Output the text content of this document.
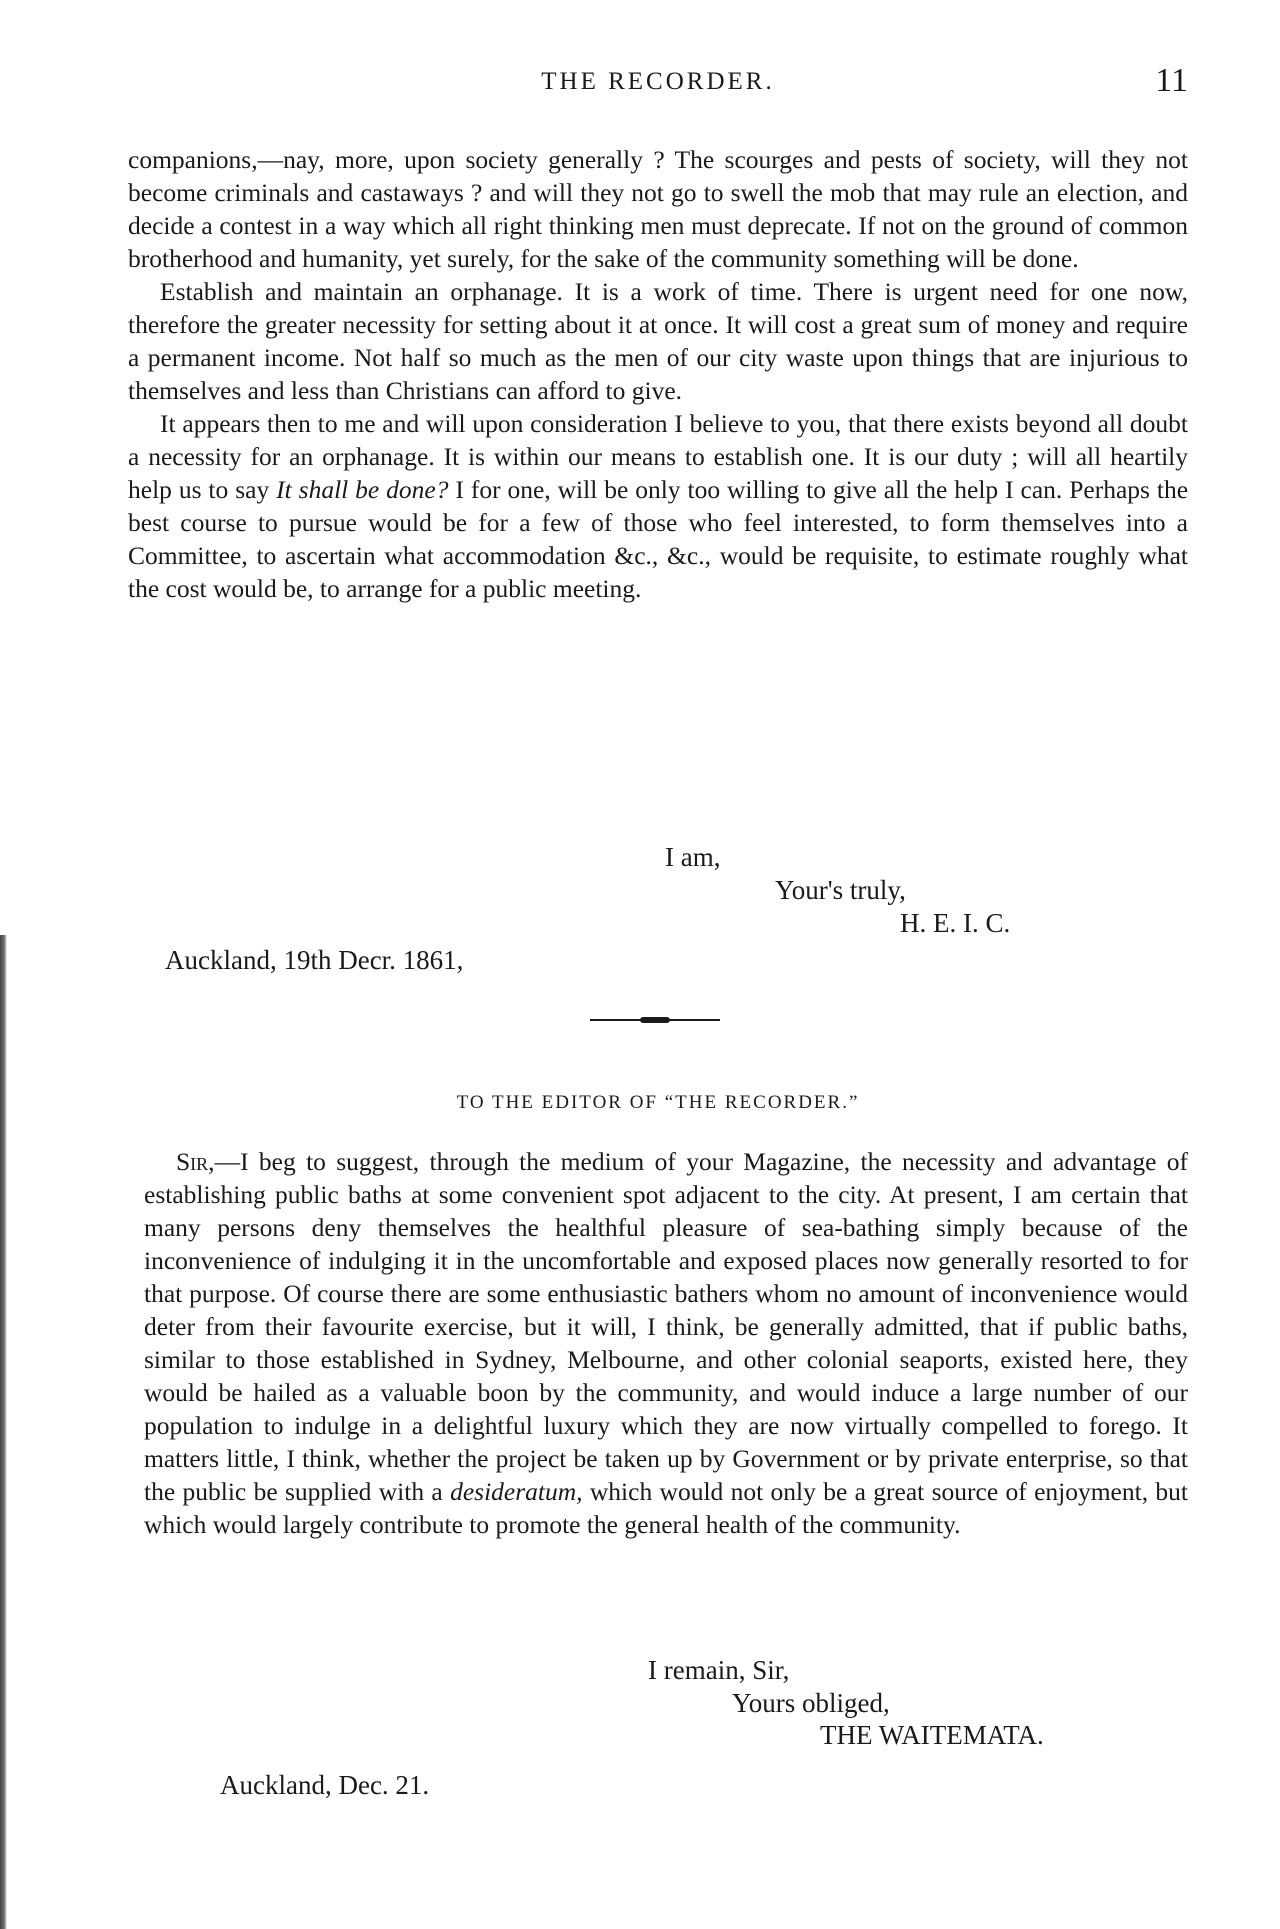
THE RECORDER.	11

companions,—nay, more, upon society generally ? The scourges and pests of society, will they not become criminals and castaways ? and will they not go to swell the mob that may rule an election, and decide a contest in a way which all right thinking men must deprecate. If not on the ground of common brotherhood and humanity, yet surely, for the sake of the community something will be done.

Establish and maintain an orphanage. It is a work of time. There is urgent need for one now, therefore the greater necessity for setting about it at once. It will cost a great sum of money and require a permanent income. Not half so much as the men of our city waste upon things that are injurious to themselves and less than Christians can afford to give.

It appears then to me and will upon consideration I believe to you, that there exists beyond all doubt a necessity for an orphanage. It is within our means to establish one. It is our duty ; will all heartily help us to say It shall be done? I for one, will be only too willing to give all the help I can. Perhaps the best course to pursue would be for a few of those who feel interested, to form themselves into a Committee, to ascertain what accommodation &c., &c., would be requisite, to estimate roughly what the cost would be, to arrange for a public meeting.

I am,
Your's truly,
H. E. I. C.
Auckland, 19th Decr. 1861,
TO THE EDITOR OF “THE RECORDER.”

Sir,—I beg to suggest, through the medium of your Magazine, the necessity and advantage of establishing public baths at some convenient spot adjacent to the city. At present, I am certain that many persons deny themselves the healthful pleasure of sea-bathing simply because of the inconvenience of indulging it in the uncomfortable and exposed places now generally resorted to for that purpose. Of course there are some enthusiastic bathers whom no amount of inconvenience would deter from their favourite exercise, but it will, I think, be generally admitted, that if public baths, similar to those established in Sydney, Melbourne, and other colonial seaports, existed here, they would be hailed as a valuable boon by the community, and would induce a large number of our population to indulge in a delightful luxury which they are now virtually compelled to forego. It matters little, I think, whether the project be taken up by Government or by private enterprise, so that the public be supplied with a desideratum, which would not only be a great source of enjoyment, but which would largely contribute to promote the general health of the community.

I remain, Sir,
Yours obliged,
THE WAITEMATA.
Auckland, Dec. 21.
